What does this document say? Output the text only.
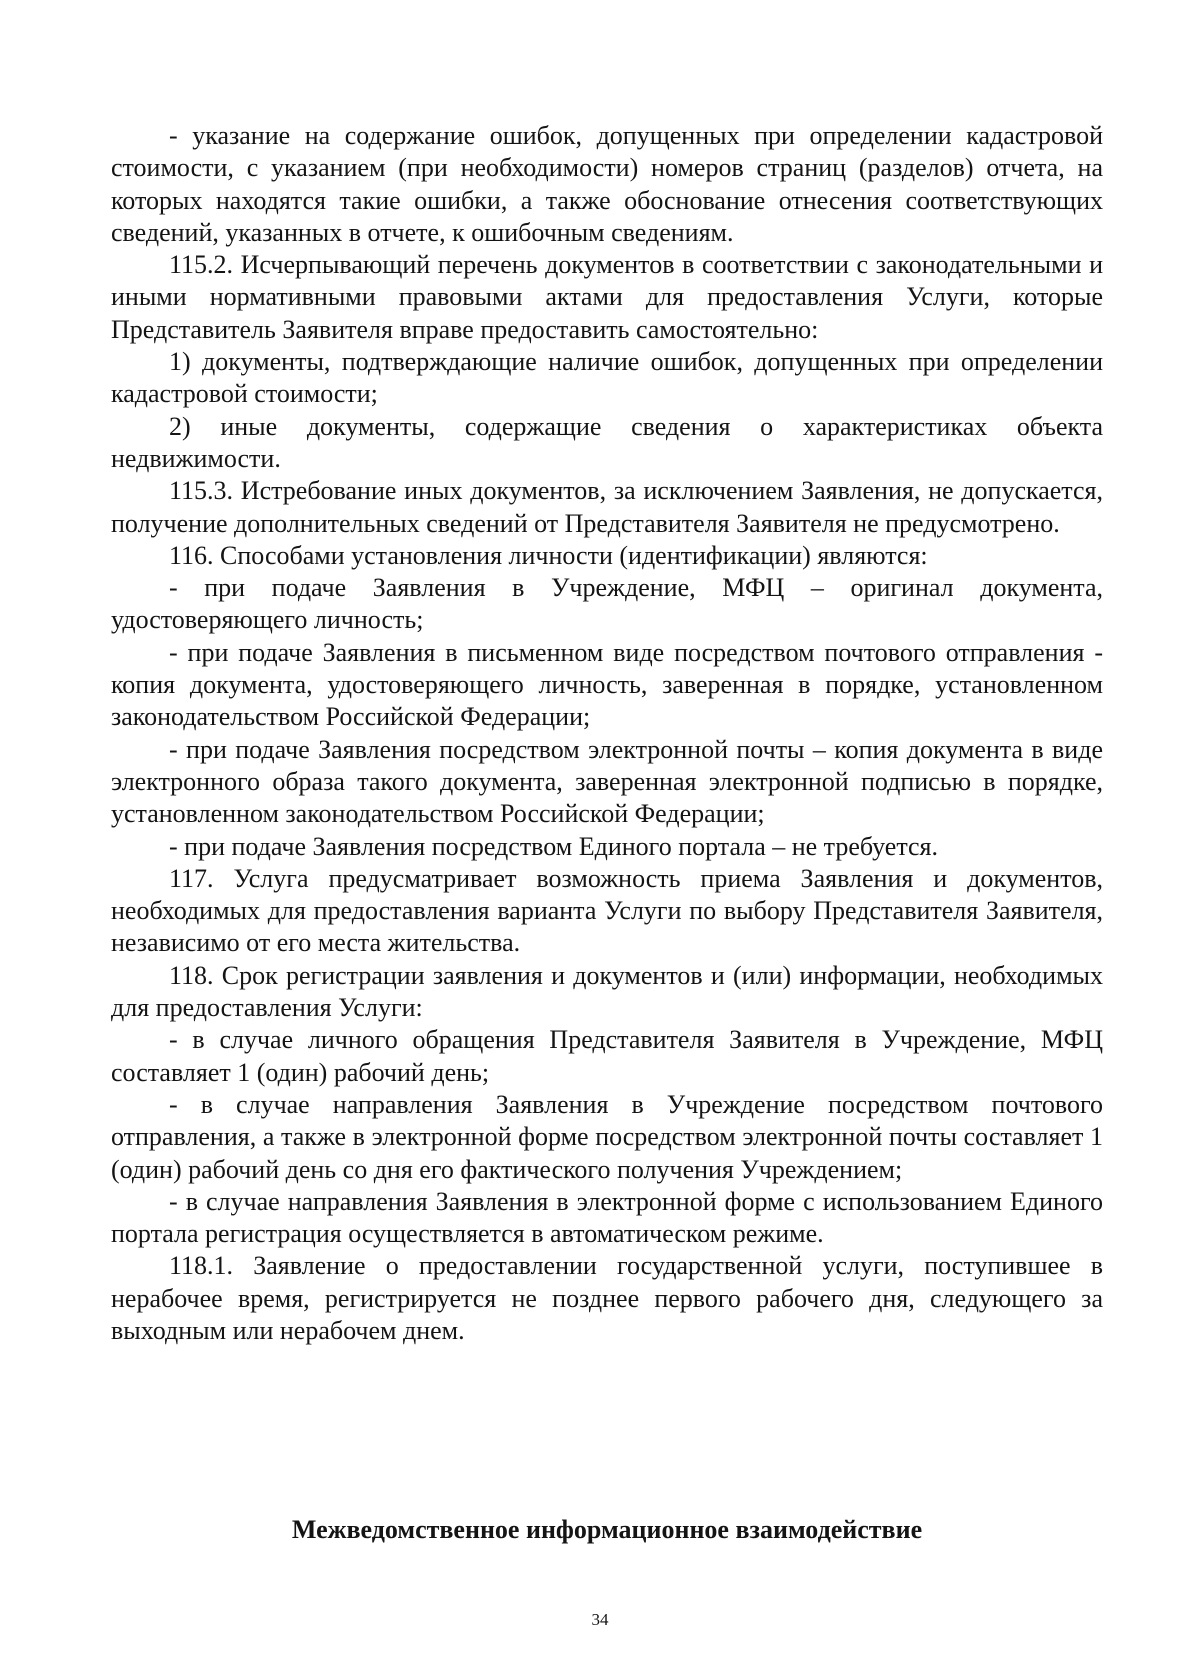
- указание на содержание ошибок, допущенных при определении кадастровой стоимости, с указанием (при необходимости) номеров страниц (разделов) отчета, на которых находятся такие ошибки, а также обоснование отнесения соответствующих сведений, указанных в отчете, к ошибочным сведениям.

115.2. Исчерпывающий перечень документов в соответствии с законодательными и иными нормативными правовыми актами для предоставления Услуги, которые Представитель Заявителя вправе предоставить самостоятельно:

1) документы, подтверждающие наличие ошибок, допущенных при определении кадастровой стоимости;

2) иные документы, содержащие сведения о характеристиках объекта недвижимости.

115.3. Истребование иных документов, за исключением Заявления, не допускается, получение дополнительных сведений от Представителя Заявителя не предусмотрено.

116. Способами установления личности (идентификации) являются:

- при подаче Заявления в Учреждение, МФЦ – оригинал документа, удостоверяющего личность;

- при подаче Заявления в письменном виде посредством почтового отправления - копия документа, удостоверяющего личность, заверенная в порядке, установленном законодательством Российской Федерации;

- при подаче Заявления посредством электронной почты – копия документа в виде электронного образа такого документа, заверенная электронной подписью в порядке, установленном законодательством Российской Федерации;

- при подаче Заявления посредством Единого портала – не требуется.

117. Услуга предусматривает возможность приема Заявления и документов, необходимых для предоставления варианта Услуги по выбору Представителя Заявителя, независимо от его места жительства.

118. Срок регистрации заявления и документов и (или) информации, необходимых для предоставления Услуги:

- в случае личного обращения Представителя Заявителя в Учреждение, МФЦ составляет 1 (один) рабочий день;

- в случае направления Заявления в Учреждение посредством почтового отправления, а также в электронной форме посредством электронной почты составляет 1 (один) рабочий день со дня его фактического получения Учреждением;

- в случае направления Заявления в электронной форме с использованием Единого портала регистрация осуществляется в автоматическом режиме.

118.1. Заявление о предоставлении государственной услуги, поступившее в нерабочее время, регистрируется не позднее первого рабочего дня, следующего за выходным или нерабочем днем.

Межведомственное информационное взаимодействие
34
